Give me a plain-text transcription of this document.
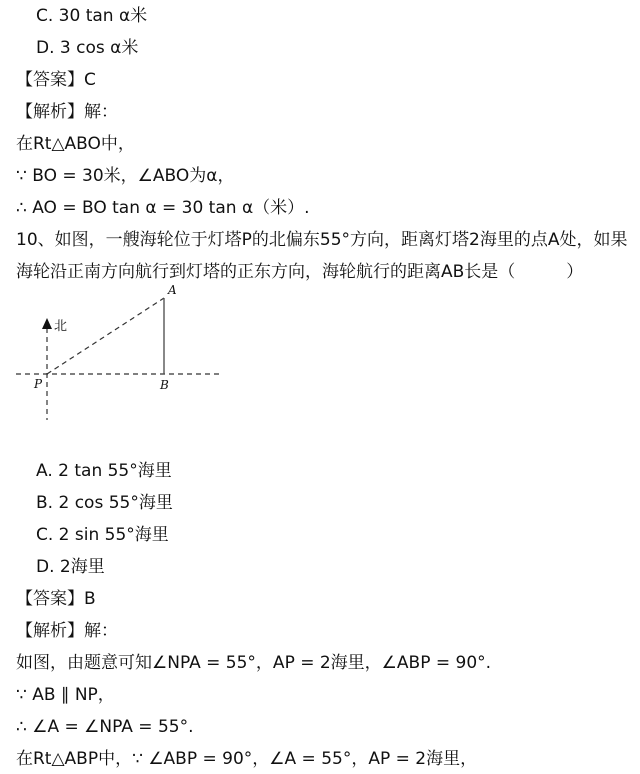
C. 30 tan α米
D. 3 cos α米
【答案】C
【解析】解：
在Rt△ABO中，
∵ BO = 30米，∠ABO为α，
∴ AO = BO tan α = 30 tan α（米）.
10、如图，一艘海轮位于灯塔P的北偏东55°方向，距离灯塔2海里的点A处，如果
海轮沿正南方向航行到灯塔的正东方向，海轮航行的距离AB长是（　　　）
北
A
P	B
A. 2 tan 55°海里
B. 2 cos 55°海里
C. 2 sin 55°海里
D. 2海里
【答案】B
【解析】解：
如图，由题意可知∠NPA = 55°，AP = 2海里，∠ABP = 90°.
∵ AB ∥ NP，
∴ ∠A = ∠NPA = 55°.
在Rt△ABP中，∵ ∠ABP = 90°，∠A = 55°，AP = 2海里，
